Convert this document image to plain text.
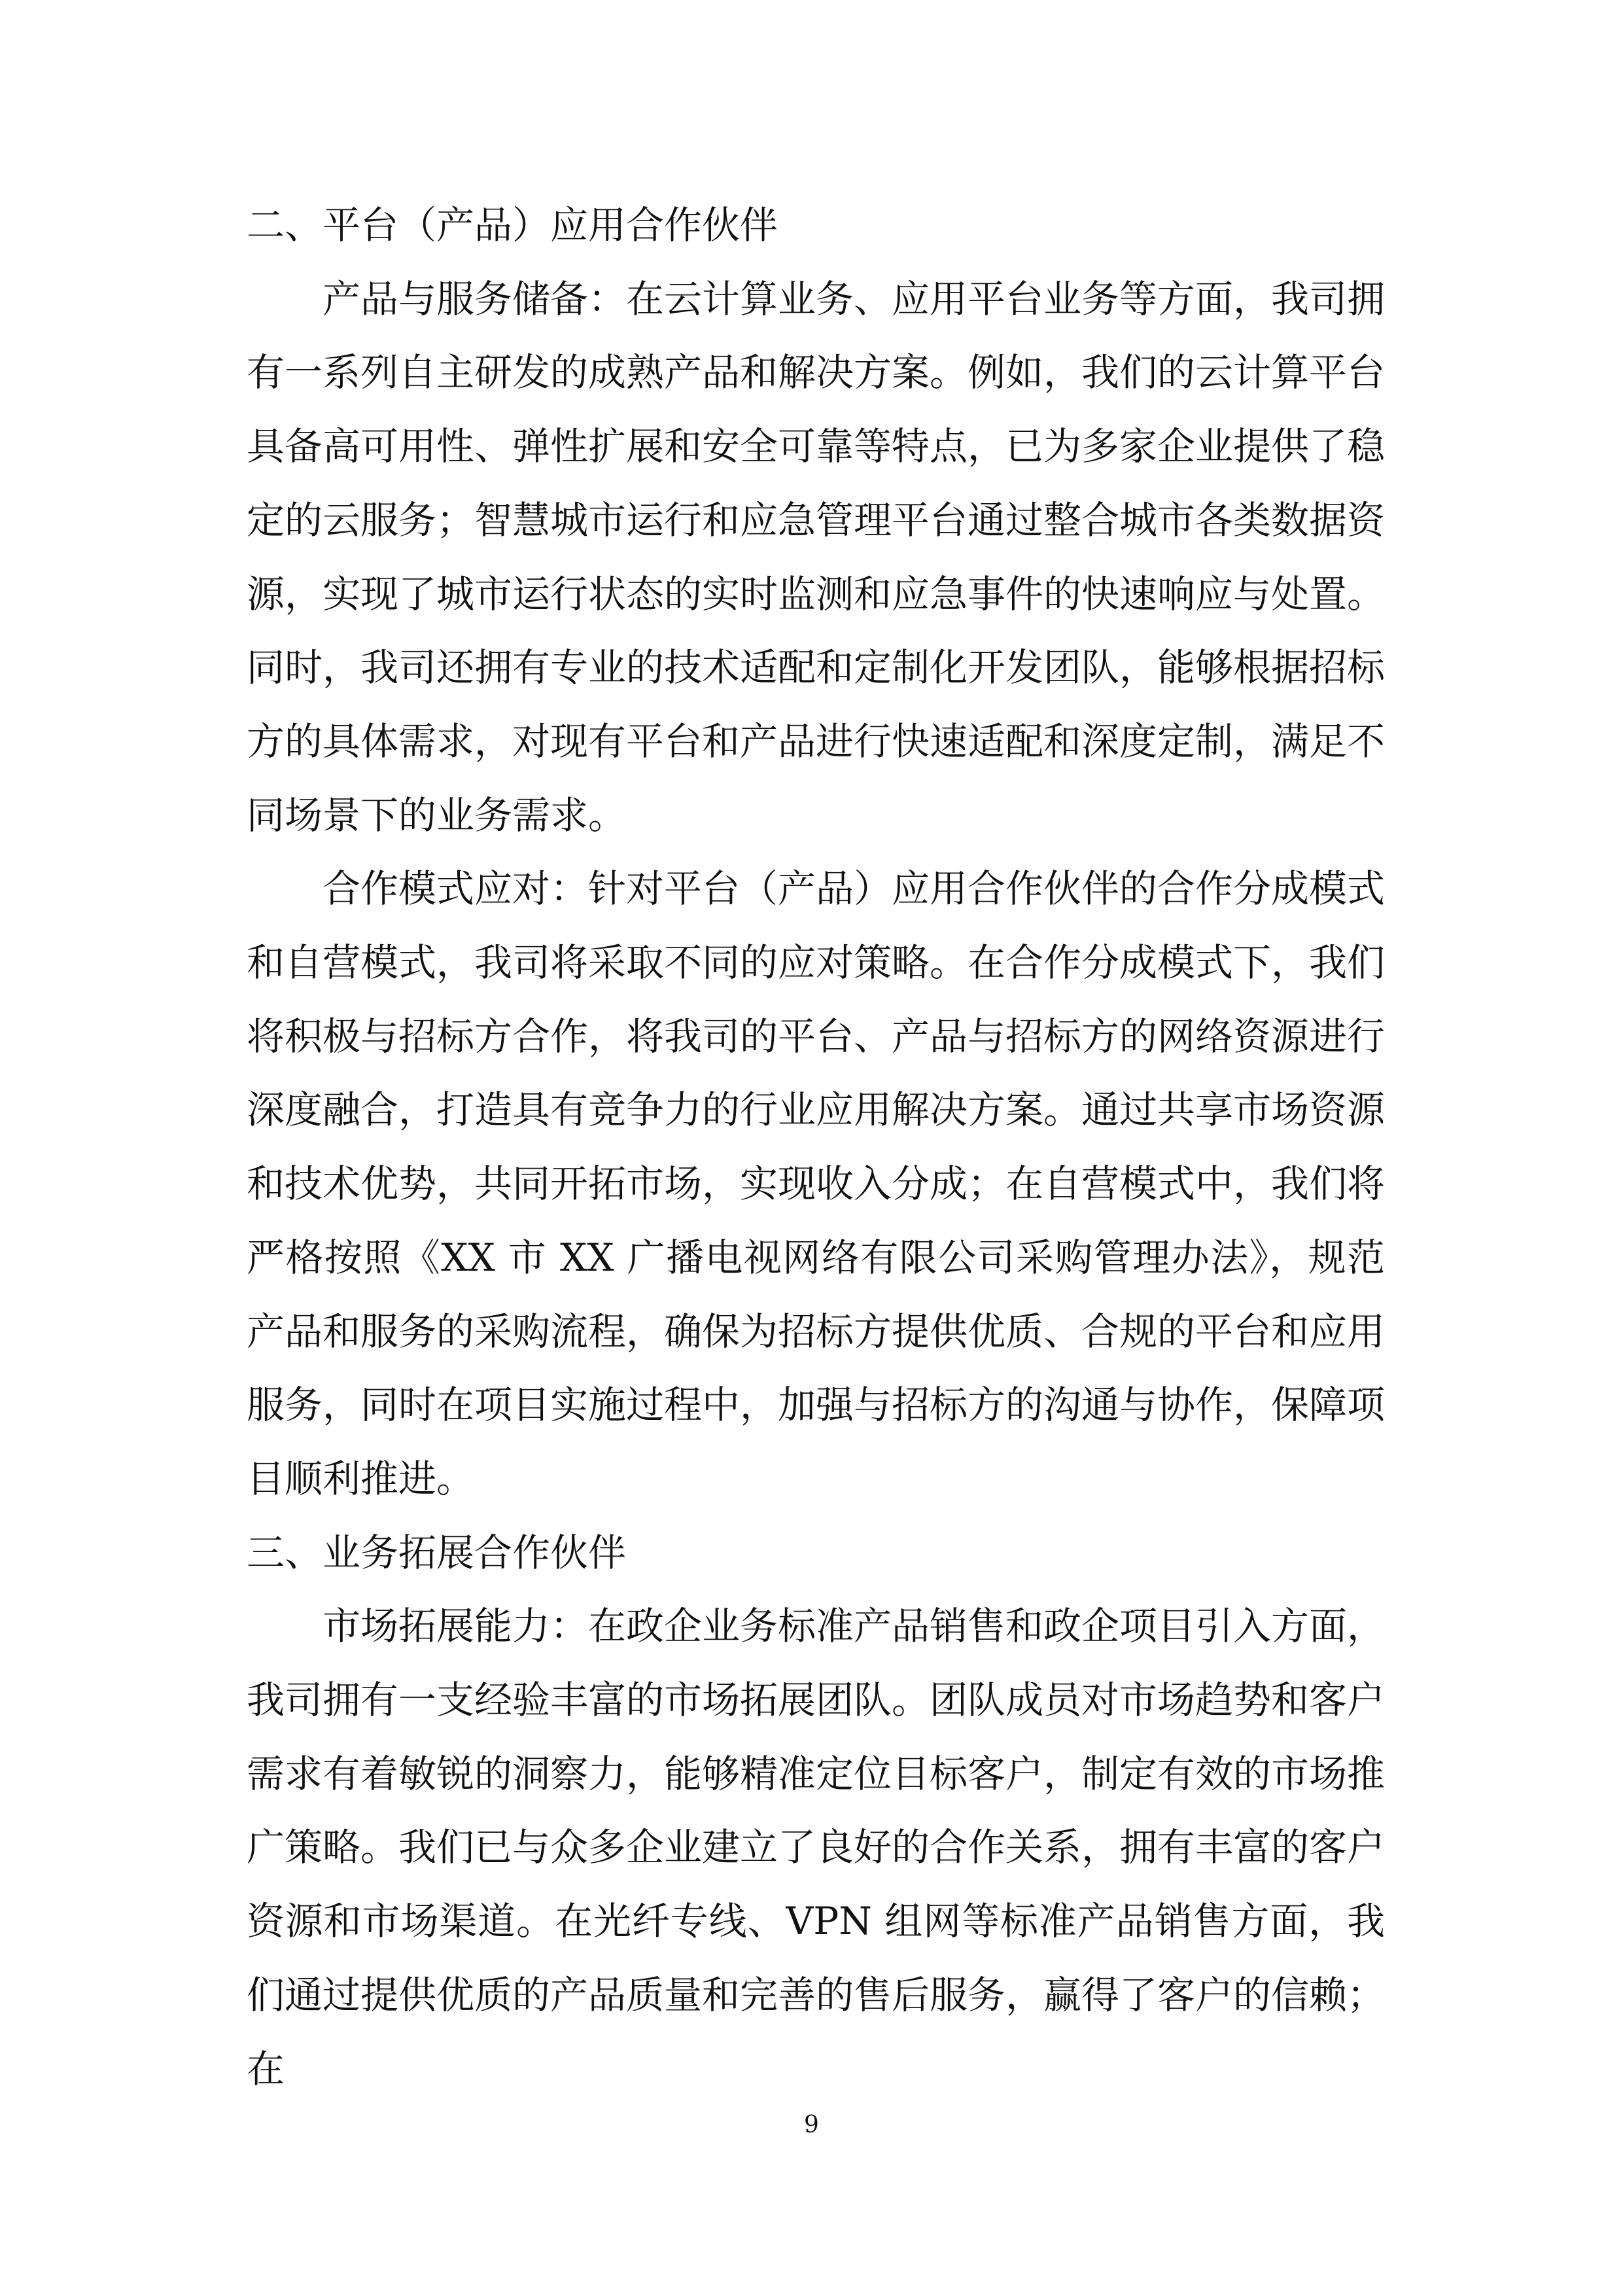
二、平台（产品）应用合作伙伴

产品与服务储备：在云计算业务、应用平台业务等方面，我司拥有一系列自主研发的成熟产品和解决方案。例如，我们的云计算平台具备高可用性、弹性扩展和安全可靠等特点，已为多家企业提供了稳定的云服务；智慧城市运行和应急管理平台通过整合城市各类数据资源，实现了城市运行状态的实时监测和应急事件的快速响应与处置。同时，我司还拥有专业的技术适配和定制化开发团队，能够根据招标方的具体需求，对现有平台和产品进行快速适配和深度定制，满足不同场景下的业务需求。

合作模式应对：针对平台（产品）应用合作伙伴的合作分成模式和自营模式，我司将采取不同的应对策略。在合作分成模式下，我们将积极与招标方合作，将我司的平台、产品与招标方的网络资源进行深度融合，打造具有竞争力的行业应用解决方案。通过共享市场资源和技术优势，共同开拓市场，实现收入分成；在自营模式中，我们将严格按照《XX 市 XX 广播电视网络有限公司采购管理办法》，规范产品和服务的采购流程，确保为招标方提供优质、合规的平台和应用服务，同时在项目实施过程中，加强与招标方的沟通与协作，保障项目顺利推进。

三、业务拓展合作伙伴

市场拓展能力：在政企业务标准产品销售和政企项目引入方面，我司拥有一支经验丰富的市场拓展团队。团队成员对市场趋势和客户需求有着敏锐的洞察力，能够精准定位目标客户，制定有效的市场推广策略。我们已与众多企业建立了良好的合作关系，拥有丰富的客户资源和市场渠道。在光纤专线、VPN 组网等标准产品销售方面，我们通过提供优质的产品质量和完善的售后服务，赢得了客户的信赖；在

9
